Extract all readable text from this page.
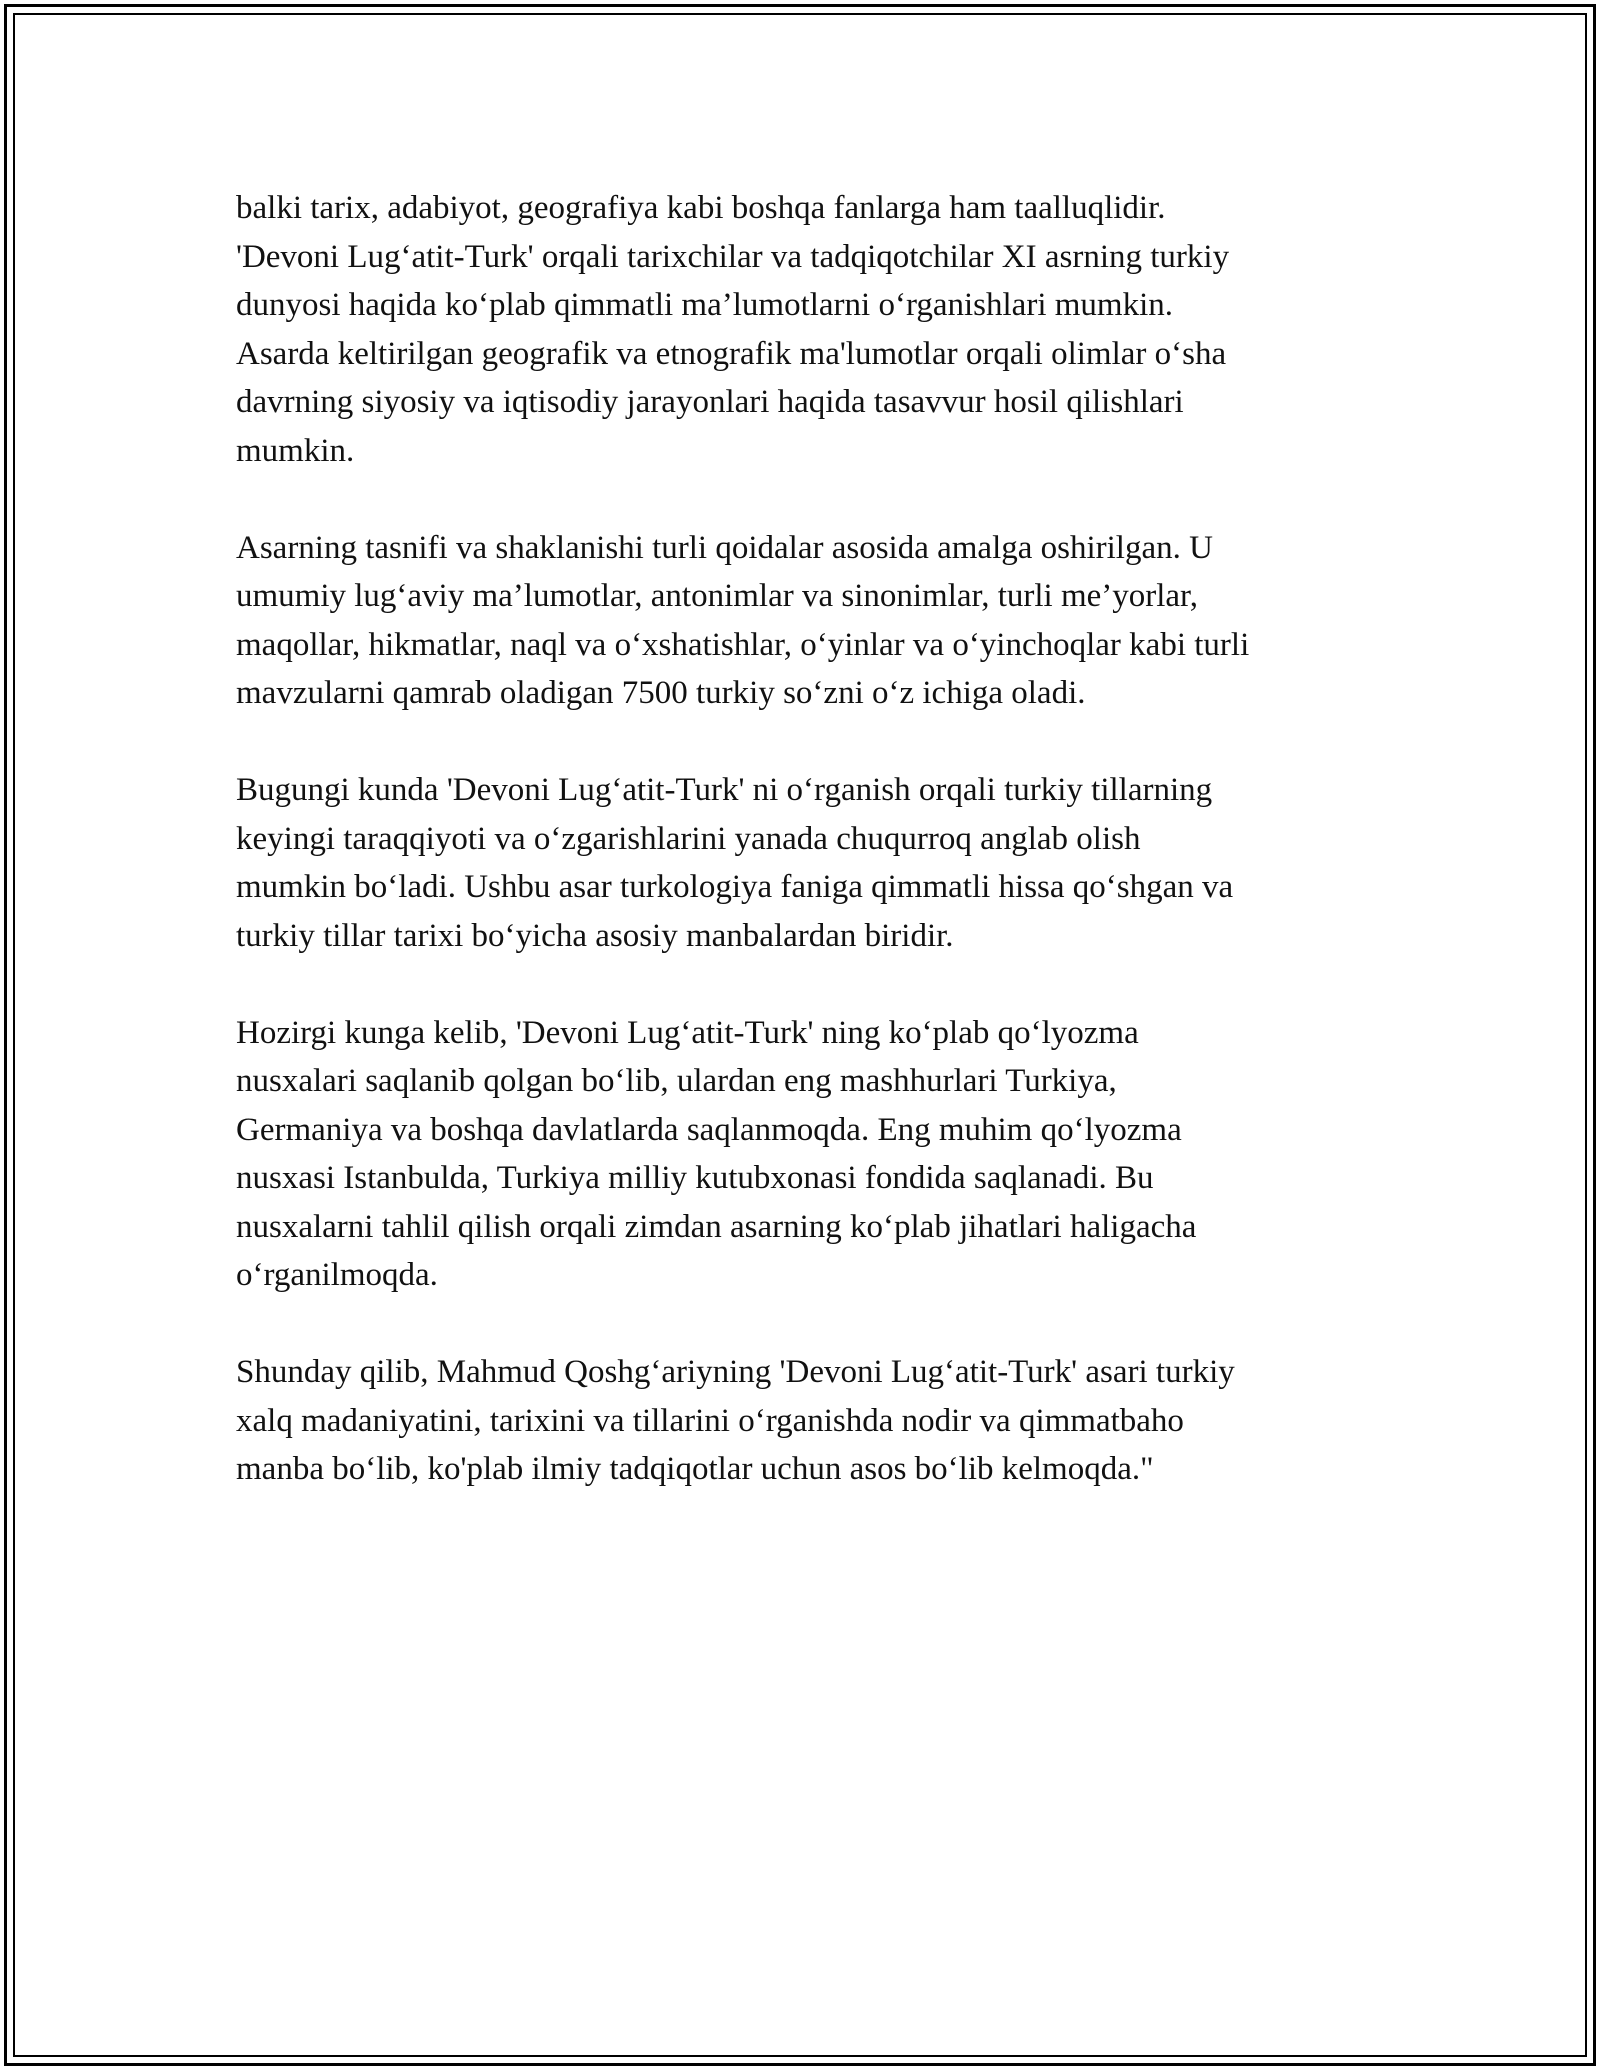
balki tarix, adabiyot, geografiya kabi boshqa fanlarga ham taalluqlidir.
'Devoni Lug‘atit-Turk' orqali tarixchilar va tadqiqotchilar XI asrning turkiy
dunyosi haqida ko‘plab qimmatli ma’lumotlarni o‘rganishlari mumkin.
Asarda keltirilgan geografik va etnografik ma'lumotlar orqali olimlar o‘sha
davrning siyosiy va iqtisodiy jarayonlari haqida tasavvur hosil qilishlari
mumkin.

Asarning tasnifi va shaklanishi turli qoidalar asosida amalga oshirilgan. U
umumiy lug‘aviy ma’lumotlar, antonimlar va sinonimlar, turli me’yorlar,
maqollar, hikmatlar, naql va o‘xshatishlar, o‘yinlar va o‘yinchoqlar kabi turli
mavzularni qamrab oladigan 7500 turkiy so‘zni o‘z ichiga oladi.

Bugungi kunda 'Devoni Lug‘atit-Turk' ni o‘rganish orqali turkiy tillarning
keyingi taraqqiyoti va o‘zgarishlarini yanada chuqurroq anglab olish
mumkin bo‘ladi. Ushbu asar turkologiya faniga qimmatli hissa qo‘shgan va
turkiy tillar tarixi bo‘yicha asosiy manbalardan biridir.

Hozirgi kunga kelib, 'Devoni Lug‘atit-Turk' ning ko‘plab qo‘lyozma
nusxalari saqlanib qolgan bo‘lib, ulardan eng mashhurlari Turkiya,
Germaniya va boshqa davlatlarda saqlanmoqda. Eng muhim qo‘lyozma
nusxasi Istanbulda, Turkiya milliy kutubxonasi fondida saqlanadi. Bu
nusxalarni tahlil qilish orqali zimdan asarning ko‘plab jihatlari haligacha
o‘rganilmoqda.

Shunday qilib, Mahmud Qoshg‘ariyning 'Devoni Lug‘atit-Turk' asari turkiy
xalq madaniyatini, tarixini va tillarini o‘rganishda nodir va qimmatbaho
manba bo‘lib, ko'plab ilmiy tadqiqotlar uchun asos bo‘lib kelmoqda."
